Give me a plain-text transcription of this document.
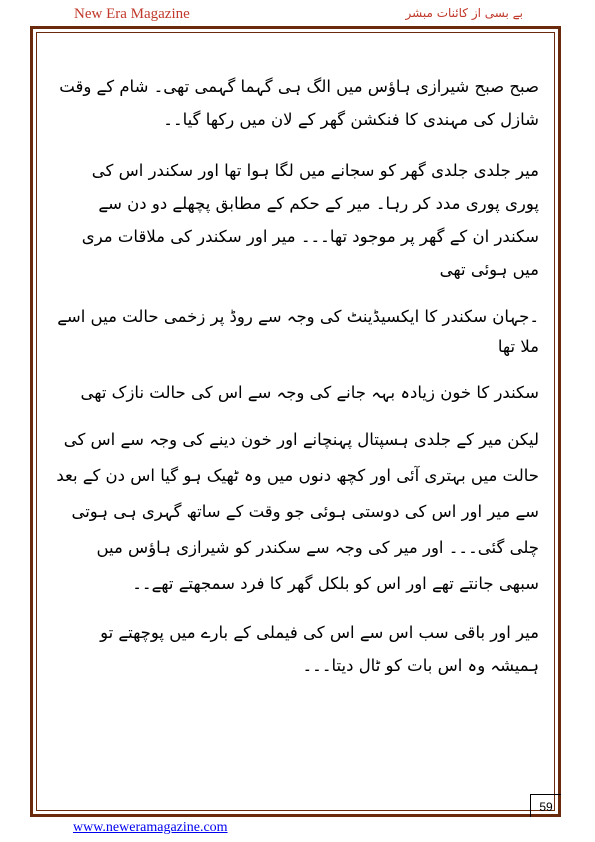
New Era Magazine	بے بسی از کائنات مبشر

صبح صبح شیرازی ہاؤس میں الگ ہی گہما گہمی تھی۔ شام کے وقت شازل کی مہندی کا فنکشن گھر کے لان میں رکھا گیا۔۔

میر جلدی جلدی گھر کو سجانے میں لگا ہوا تھا اور سکندر اس کی پوری پوری مدد کر رہا۔ میر کے حکم کے مطابق پچھلے دو دن سے سکندر ان کے گھر پر موجود تھا۔۔۔ میر اور سکندر کی ملاقات مری میں ہوئی تھی

۔جہان سکندر کا ایکسیڈینٹ کی وجہ سے روڈ پر زخمی حالت میں اسے ملا تھا

سکندر کا خون زیادہ بہہ جانے کی وجہ سے اس کی حالت نازک تھی

لیکن میر کے جلدی ہسپتال پہنچانے اور خون دینے کی وجہ سے اس کی حالت میں بہتری آئی اور کچھ دنوں میں وہ ٹھیک ہو گیا اس دن کے بعد سے میر اور اس کی دوستی ہوئی جو وقت کے ساتھ گہری ہی ہوتی چلی گئی۔۔۔ اور میر کی وجہ سے سکندر کو شیرازی ہاؤس میں سبھی جانتے تھے اور اس کو بلکل گھر کا فرد سمجھتے تھے۔۔

میر اور باقی سب اس سے اس کی فیملی کے بارے میں پوچھتے تو ہمیشہ وہ اس بات کو ٹال دیتا۔۔۔

59
www.neweramagazine.com
